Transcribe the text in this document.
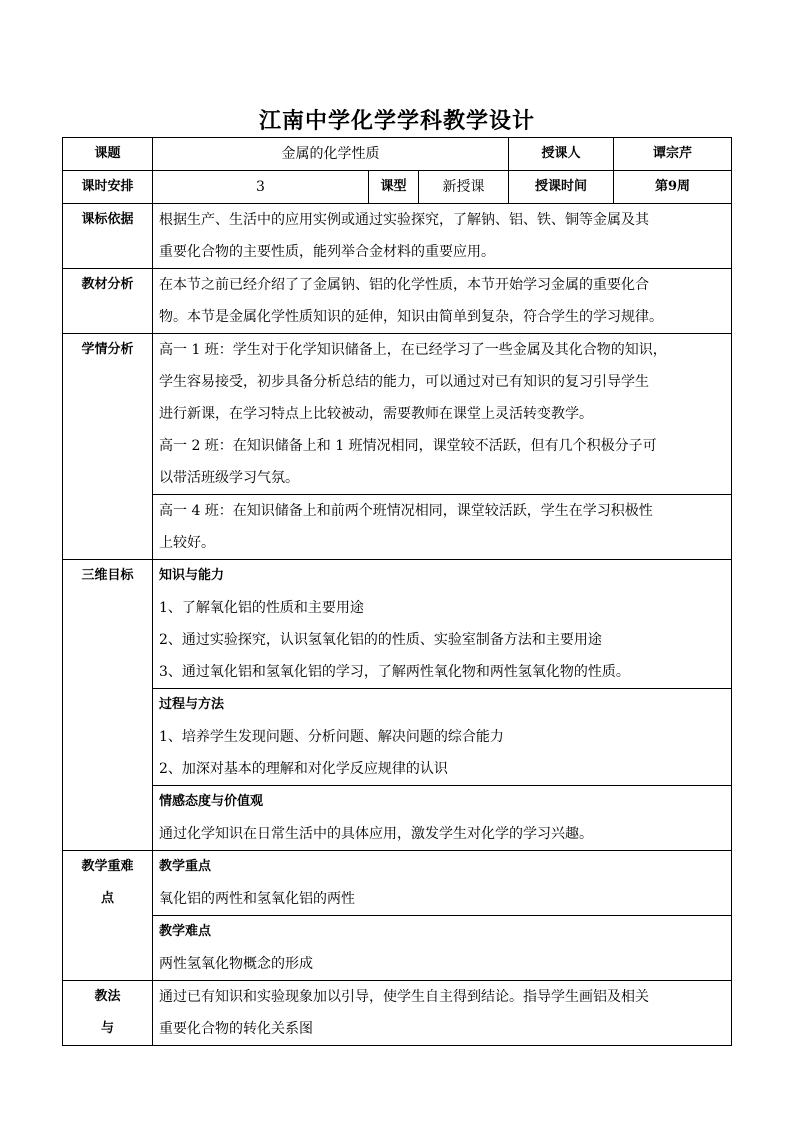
江南中学化学学科教学设计
课题	金属的化学性质			授课人	谭宗芹
课时安排	3	课型	新授课	授课时间	第9周
课标依据	根据生产、生活中的应用实例或通过实验探究，了解钠、铝、铁、铜等金属及其
重要化合物的主要性质，能列举合金材料的重要应用。				

教材分析	在本节之前已经介绍了了金属钠、铝的化学性质，本节开始学习金属的重要化合
物。本节是金属化学性质知识的延伸，知识由简单到复杂，符合学生的学习规律。				

学情分析	高一 1 班：学生对于化学知识储备上，在已经学习了一些金属及其化合物的知识，
学生容易接受，初步具备分析总结的能力，可以通过对已有知识的复习引导学生
进行新课，在学习特点上比较被动，需要教师在课堂上灵活转变教学。
高一 2 班：在知识储备上和 1 班情况相同，课堂较不活跃，但有几个积极分子可
以带活班级学习气氛。				

	高一 4 班：在知识储备上和前两个班情况相同，课堂较活跃，学生在学习积极性
上较好。				

三维目标	知识与能力
1、了解氧化铝的性质和主要用途
2、通过实验探究，认识氢氧化铝的的性质、实验室制备方法和主要用途
3、通过氧化铝和氢氧化铝的学习，了解两性氧化物和两性氢氧化物的性质。				

	过程与方法
1、培养学生发现问题、分析问题、解决问题的综合能力
2、加深对基本的理解和对化学反应规律的认识				

	情感态度与价值观
通过化学知识在日常生活中的具体应用，激发学生对化学的学习兴趣。				

教学重难
点	教学重点
氧化铝的两性和氢氧化铝的两性				

	教学难点
两性氢氧化物概念的形成				

教法
与	通过已有知识和实验现象加以引导，使学生自主得到结论。指导学生画铝及相关
重要化合物的转化关系图				
